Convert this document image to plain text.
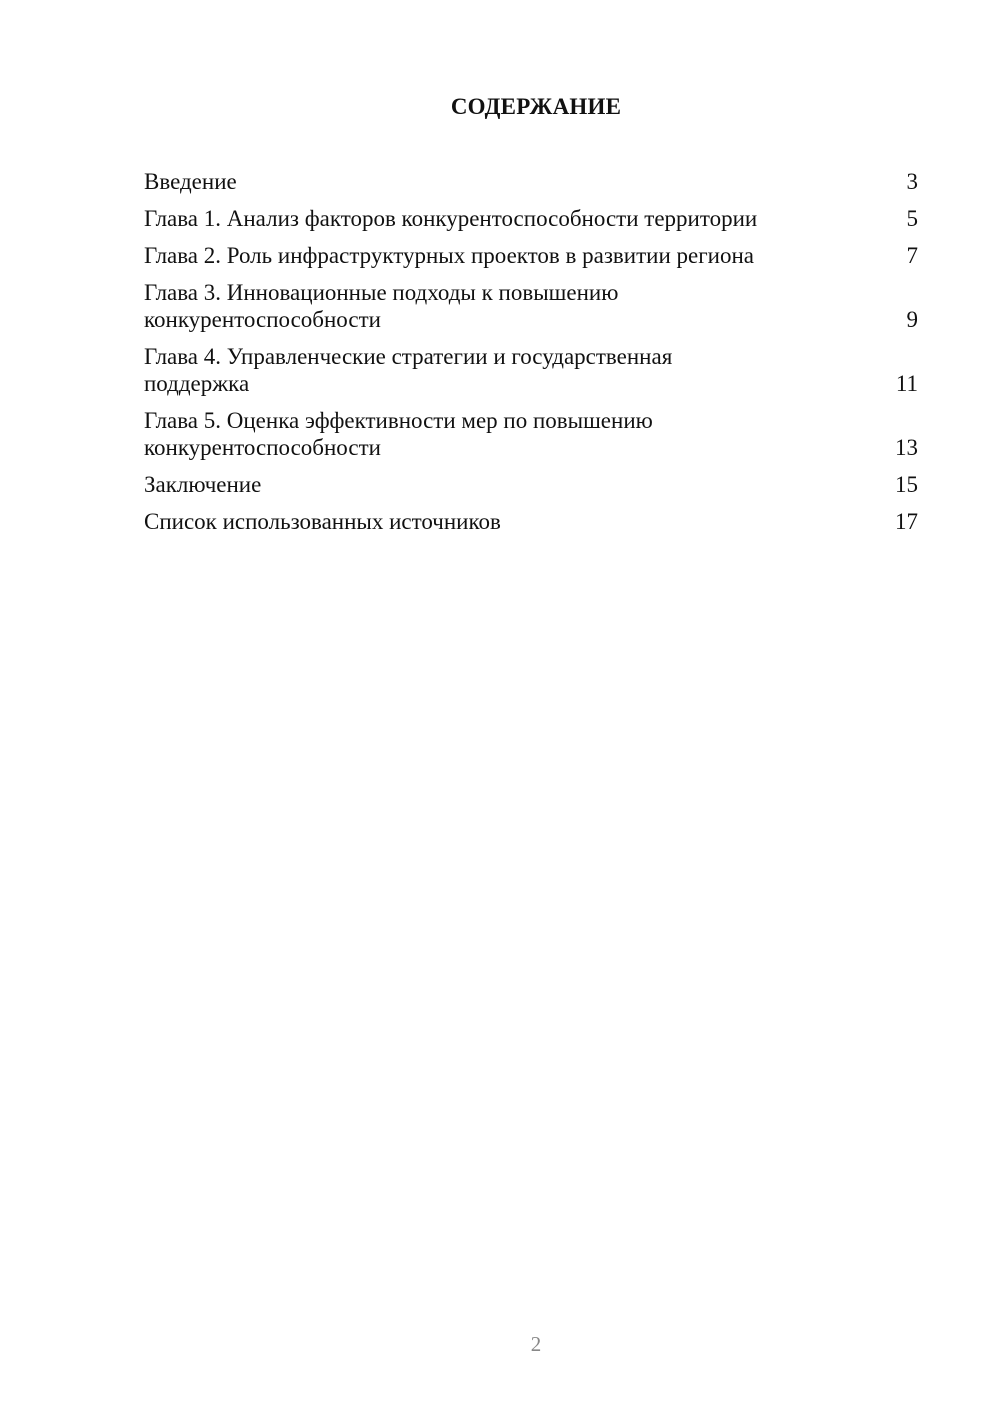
СОДЕРЖАНИЕ
Введение	3
Глава 1. Анализ факторов конкурентоспособности территории	5
Глава 2. Роль инфраструктурных проектов в развитии региона	7
Глава 3. Инновационные подходы к повышению
конкурентоспособности	9
Глава 4. Управленческие стратегии и государственная
поддержка	11
Глава 5. Оценка эффективности мер по повышению
конкурентоспособности	13
Заключение	15
Список использованных источников	17
2
